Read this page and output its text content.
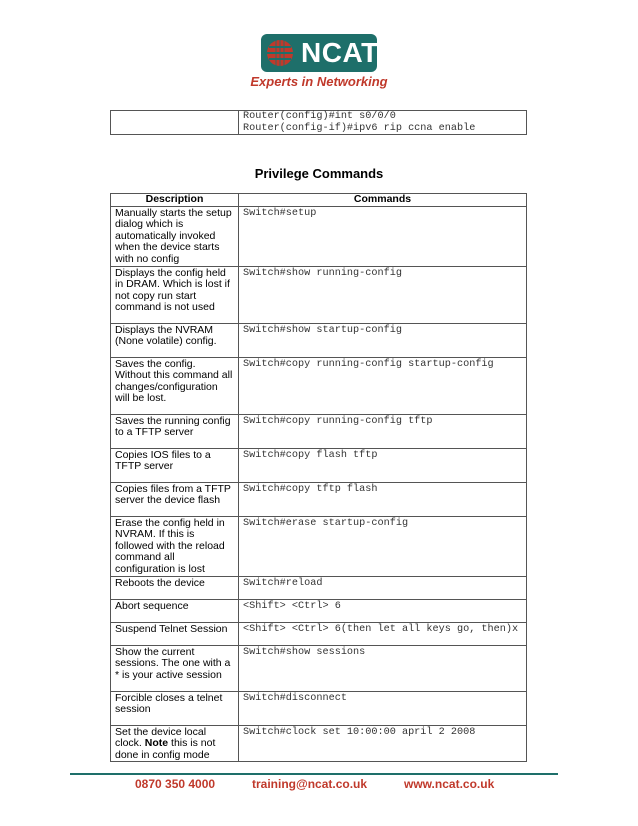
NCAT
Experts in Networking
	Router(config)#int s0/0/0
Router(config-if)#ipv6 rip ccna enable
Privilege Commands
Description	Commands
Manually starts the setup dialog which is automatically invoked when the device starts with no config	Switch#setup
Displays the config held in DRAM. Which is lost if not copy run start command is not used	Switch#show running-config
Displays the NVRAM (None volatile) config.	Switch#show startup-config
Saves the config. Without this command all changes/configuration will be lost.	Switch#copy running-config startup-config
Saves the running config to a TFTP server	Switch#copy running-config tftp
Copies IOS files to a TFTP server	Switch#copy flash tftp
Copies files from a TFTP server the device flash	Switch#copy tftp flash
Erase the config held in NVRAM. If this is followed with the reload command all configuration is lost	Switch#erase startup-config
Reboots the device	Switch#reload
Abort sequence	<Shift> <Ctrl> 6
Suspend Telnet Session	<Shift> <Ctrl> 6(then let all keys go, then)x
Show the current sessions. The one with a * is your active session	Switch#show sessions
Forcible closes a telnet session	Switch#disconnect
Set the device local clock. Note this is not done in config mode	Switch#clock set 10:00:00 april 2 2008
0870 350 4000	training@ncat.co.uk	www.ncat.co.uk
